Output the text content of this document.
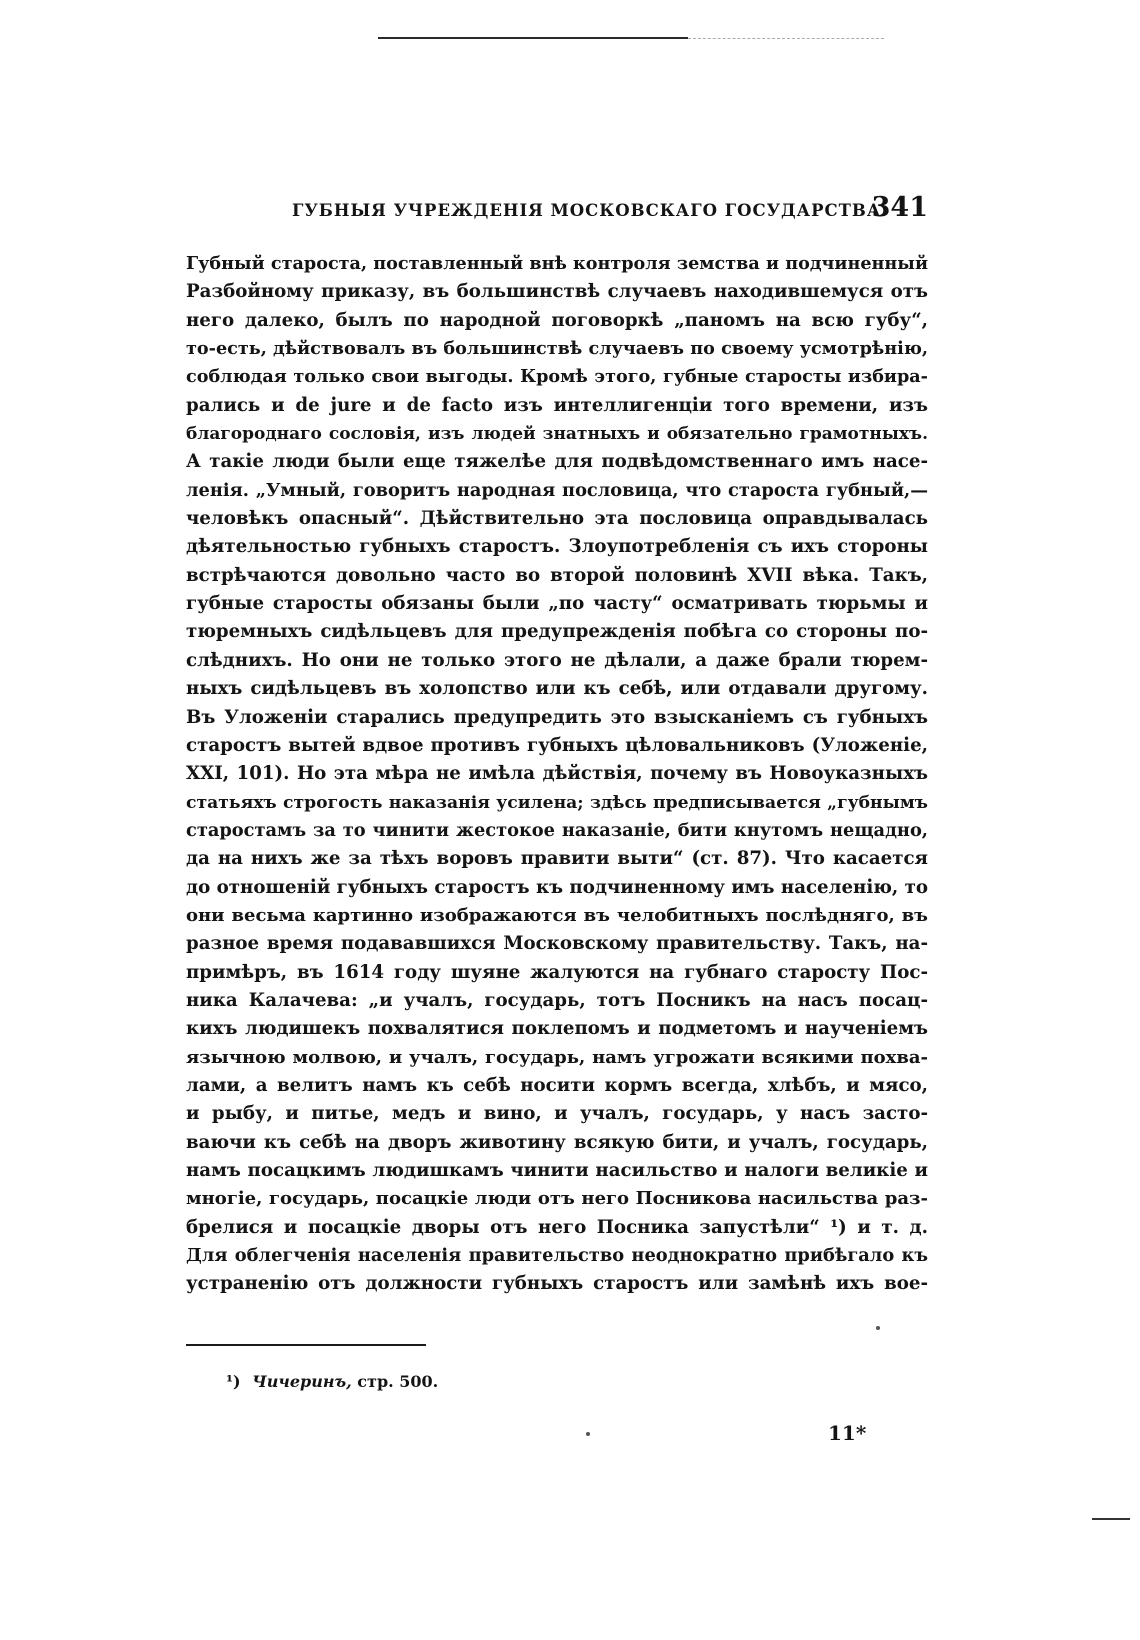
ГУБНЫЯ УЧРЕЖДЕНІЯ МОСКОВСКАГО ГОСУДАРСТВА.
341
Губный староста, поставленный внѣ контроля земства и подчиненный
Разбойному приказу, въ большинствѣ случаевъ находившемуся отъ
него далеко, былъ по народной поговоркѣ „паномъ на всю губу“,
то-есть, дѣйствовалъ въ большинствѣ случаевъ по своему усмотрѣнію,
соблюдая только свои выгоды. Кромѣ этого, губные старосты избира-
рались и de jure и de facto изъ интеллигенціи того времени, изъ
благороднаго сословія, изъ людей знатныхъ и обязательно грамотныхъ.
А такіе люди были еще тяжелѣе для подвѣдомственнаго имъ насе-
ленія. „Умный, говоритъ народная пословица, что староста губный,—
человѣкъ опасный“. Дѣйствительно эта пословица оправдывалась
дѣятельностью губныхъ старостъ. Злоупотребленія съ ихъ стороны
встрѣчаются довольно часто во второй половинѣ XVII вѣка. Такъ,
губные старосты обязаны были „по часту“ осматривать тюрьмы и
тюремныхъ сидѣльцевъ для предупрежденія побѣга со стороны по-
слѣднихъ. Но они не только этого не дѣлали, а даже брали тюрем-
ныхъ сидѣльцевъ въ холопство или къ себѣ, или отдавали другому.
Въ Уложеніи старались предупредить это взысканіемъ съ губныхъ
старостъ вытей вдвое противъ губныхъ цѣловальниковъ (Уложеніе,
XXI, 101). Но эта мѣра не имѣла дѣйствія, почему въ Новоуказныхъ
статьяхъ строгость наказанія усилена; здѣсь предписывается „губнымъ
старостамъ за то чинити жестокое наказаніе, бити кнутомъ нещадно,
да на нихъ же за тѣхъ воровъ правити выти“ (ст. 87). Что касается
до отношеній губныхъ старостъ къ подчиненному имъ населенію, то
они весьма картинно изображаются въ челобитныхъ послѣдняго, въ
разное время подававшихся Московскому правительству. Такъ, на-
примѣръ, въ 1614 году шуяне жалуются на губнаго старосту Пос-
ника Калачева: „и учалъ, государь, тотъ Посникъ на насъ посац-
кихъ людишекъ похвалятися поклепомъ и подметомъ и наученіемъ
язычною молвою, и учалъ, государь, намъ угрожати всякими похва-
лами, а велитъ намъ къ себѣ носити кормъ всегда, хлѣбъ, и мясо,
и рыбу, и питье, медъ и вино, и учалъ, государь, у насъ засто-
ваючи къ себѣ на дворъ животину всякую бити, и учалъ, государь,
намъ посацкимъ людишкамъ чинити насильство и налоги великіе и
многіе, государь, посацкіе люди отъ него Посникова насильства раз-
брелися и посацкіе дворы отъ него Посника запустѣли“ ¹) и т. д.
Для облегченія населенія правительство неоднократно прибѣгало къ
устраненію отъ должности губныхъ старостъ или замѣнѣ ихъ вое-
¹) Чичеринъ, стр. 500.
11*
